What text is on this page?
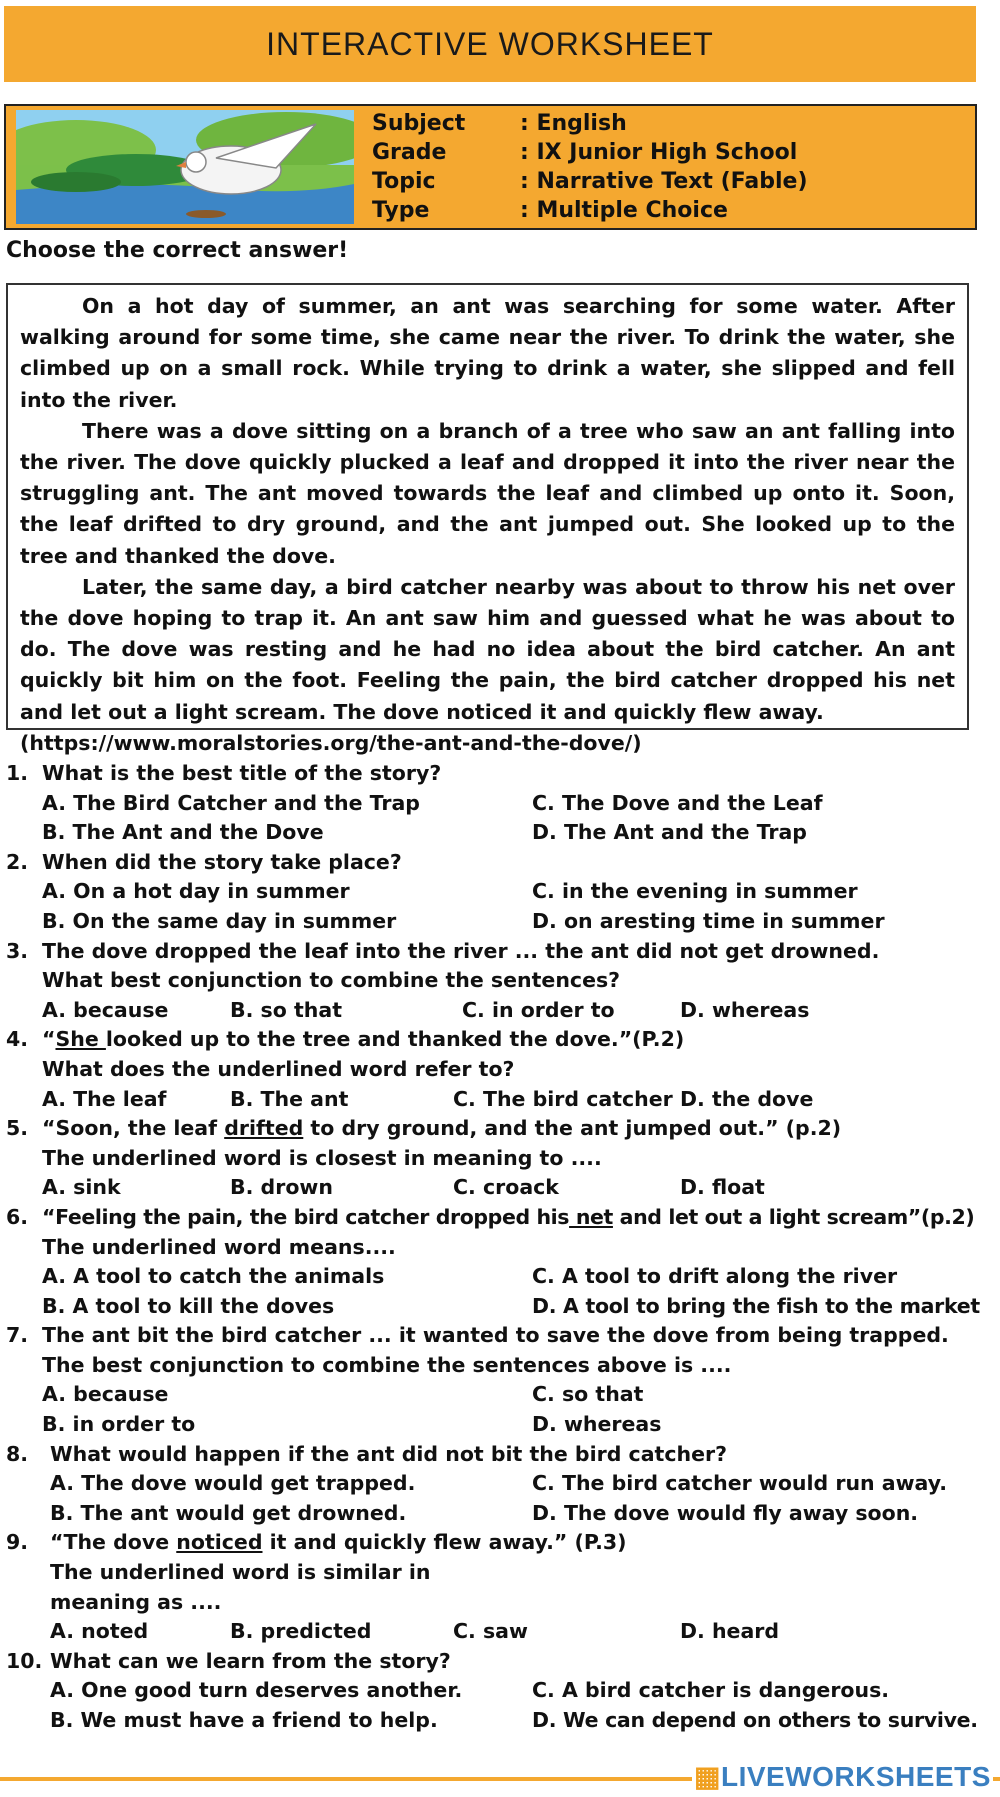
INTERACTIVE WORKSHEET
Subject	: English
Grade	: IX Junior High School
Topic	: Narrative Text (Fable)
Type	: Multiple Choice
Choose the correct answer!

On a hot day of summer, an ant was searching for some water. After walking around for some time, she came near the river. To drink the water, she climbed up on a small rock. While trying to drink a water, she slipped and fell into the river.

There was a dove sitting on a branch of a tree who saw an ant falling into the river. The dove quickly plucked a leaf and dropped it into the river near the struggling ant. The ant moved towards the leaf and climbed up onto it. Soon, the leaf drifted to dry ground, and the ant jumped out. She looked up to the tree and thanked the dove.

Later, the same day, a bird catcher nearby was about to throw his net over the dove hoping to trap it. An ant saw him and guessed what he was about to do. The dove was resting and he had no idea about the bird catcher. An ant quickly bit him on the foot. Feeling the pain, the bird catcher dropped his net and let out a light scream. The dove noticed it and quickly flew away.

(https://www.moralstories.org/the-ant-and-the-dove/)

1. What is the best title of the story?
A. The Bird Catcher and the Trap	C. The Dove and the Leaf
B. The Ant and the Dove	D. The Ant and the Trap
2. When did the story take place?
A. On a hot day in summer	C. in the evening in summer
B. On the same day in summer	D. on aresting time in summer
3. The dove dropped the leaf into the river ... the ant did not get drowned.
What best conjunction to combine the sentences?
A. because	B. so that	C. in order to	D. whereas
4. “She looked up to the tree and thanked the dove.”(P.2)
What does the underlined word refer to?
A. The leaf	B. The ant	C. The bird catcher D. the dove
5. “Soon, the leaf drifted to dry ground, and the ant jumped out.” (p.2)
The underlined word is closest in meaning to ....
A. sink	B. drown	C. croack	D. float
6. “Feeling the pain, the bird catcher dropped his net and let out a light scream”(p.2)
The underlined word means....
A. A tool to catch the animals	C. A tool to drift along the river
B. A tool to kill the doves	D. A tool to bring the fish to the market
7. The ant bit the bird catcher ... it wanted to save the dove from being trapped.
The best conjunction to combine the sentences above is ....
A. because	C. so that
B. in order to	D. whereas
8. What would happen if the ant did not bit the bird catcher?
A. The dove would get trapped.	C. The bird catcher would run away.
B. The ant would get drowned.	D. The dove would fly away soon.
9. “The dove noticed it and quickly flew away.” (P.3)
The underlined word is similar in
meaning as ....
A. noted	B. predicted	C. saw	D. heard
10. What can we learn from the story?
A. One good turn deserves another.	C. A bird catcher is dangerous.
B. We must have a friend to help.	D. We can depend on others to survive.
▦LIVEWORKSHEETS
